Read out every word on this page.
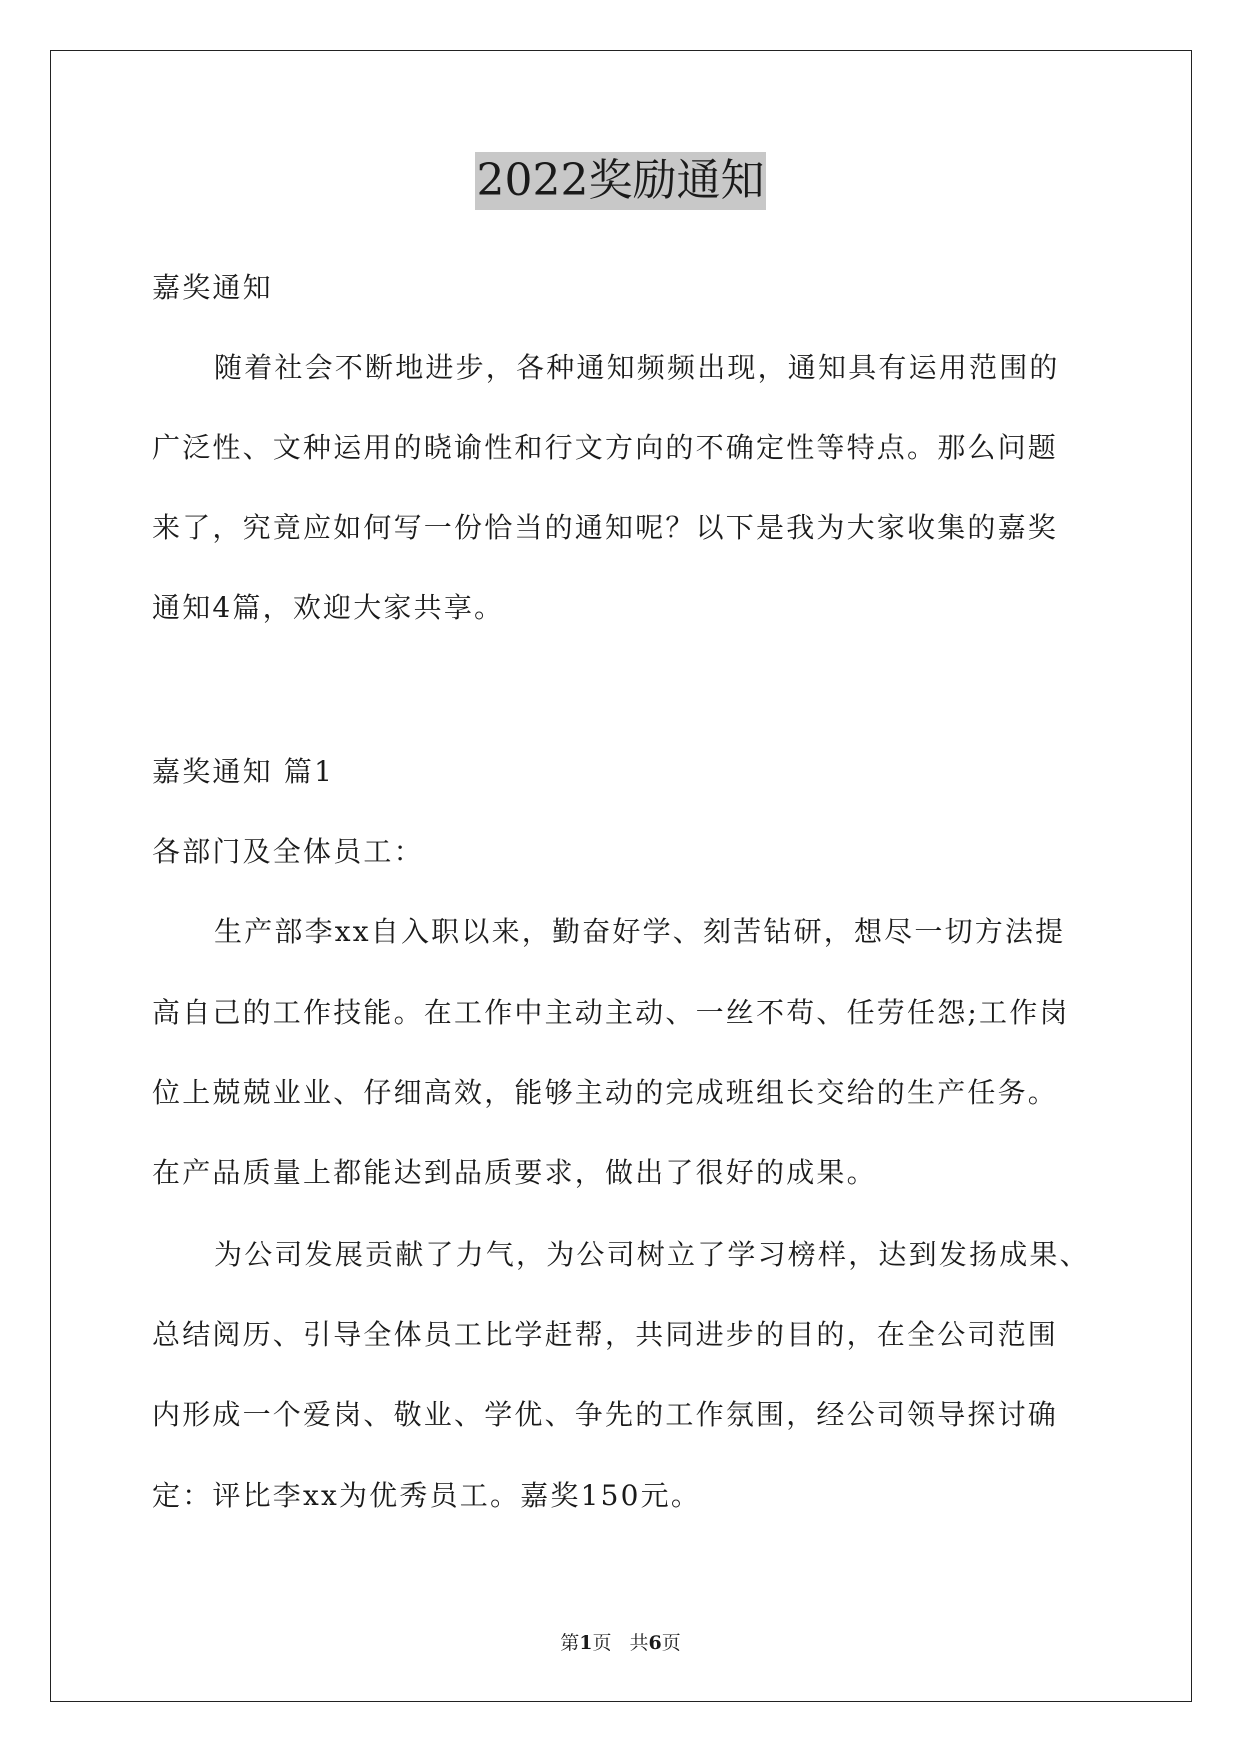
2022奖励通知
嘉奖通知
随着社会不断地进步，各种通知频频出现，通知具有运用范围的
广泛性、文种运用的晓谕性和行文方向的不确定性等特点。那么问题
来了，究竟应如何写一份恰当的通知呢？以下是我为大家收集的嘉奖
通知4篇，欢迎大家共享。
嘉奖通知 篇1
各部门及全体员工：
生产部李xx自入职以来，勤奋好学、刻苦钻研，想尽一切方法提
高自己的工作技能。在工作中主动主动、一丝不苟、任劳任怨;工作岗
位上兢兢业业、仔细高效，能够主动的完成班组长交给的生产任务。
在产品质量上都能达到品质要求，做出了很好的成果。
为公司发展贡献了力气，为公司树立了学习榜样，达到发扬成果、
总结阅历、引导全体员工比学赶帮，共同进步的目的，在全公司范围
内形成一个爱岗、敬业、学优、争先的工作氛围，经公司领导探讨确
定：评比李xx为优秀员工。嘉奖150元。
第1页 共6页
